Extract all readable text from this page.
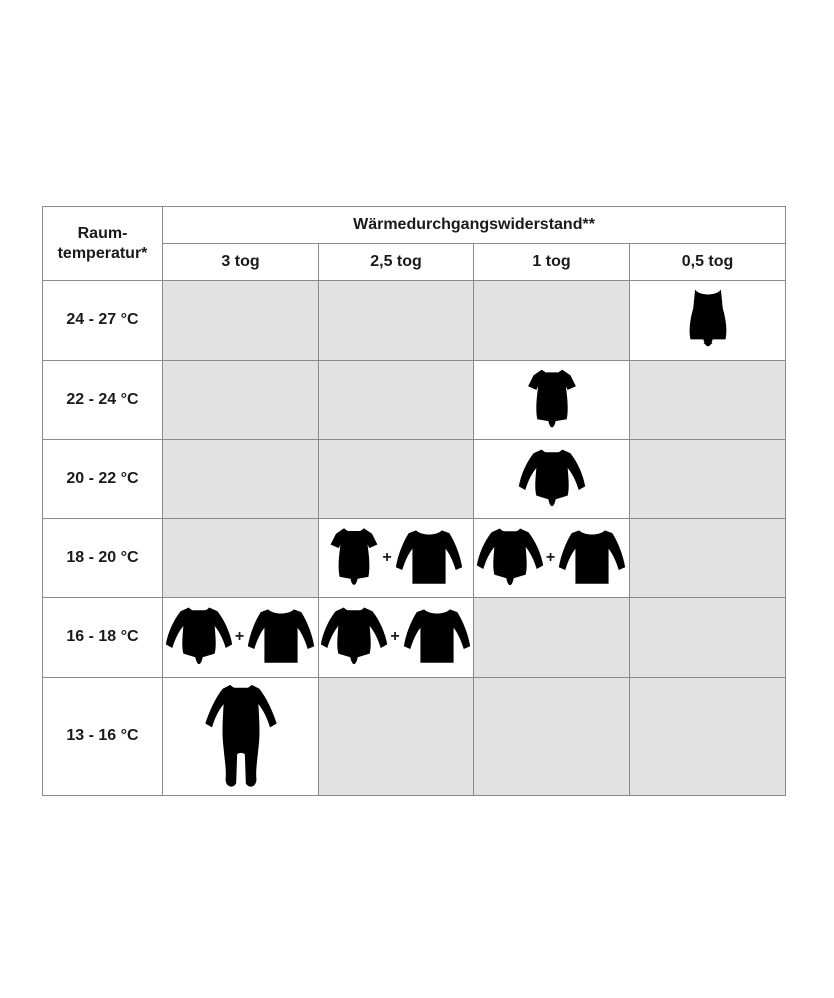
Raum-
temperatur*	Wärmedurchgangswiderstand**			
	3 tog	2,5 tog	1 tog	0,5 tog
24 - 27 °C				

22 - 24 °C			

20 - 22 °C			

18 - 20 °C		+	+	

16 - 18 °C	+	+		

13 - 16 °C	
